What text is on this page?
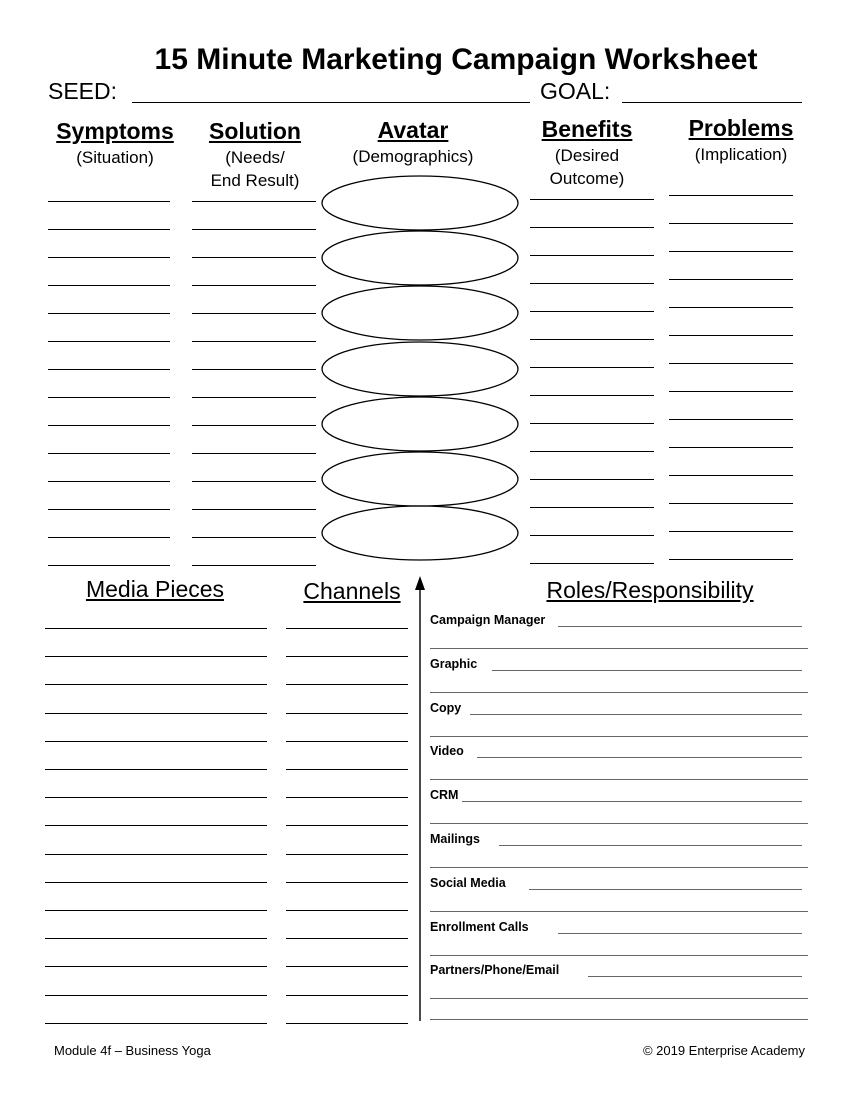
15 Minute Marketing Campaign Worksheet
SEED:	GOAL:
Symptoms
(Situation)
Solution
(Needs/
End Result)
Avatar
(Demographics)
Benefits
(Desired
Outcome)
Problems
(Implication)
Media Pieces	Channels	Roles/Responsibility
Campaign Manager
Graphic
Copy
Video
CRM
Mailings
Social Media
Enrollment Calls
Partners/Phone/Email
Module 4f – Business Yoga	© 2019 Enterprise Academy
